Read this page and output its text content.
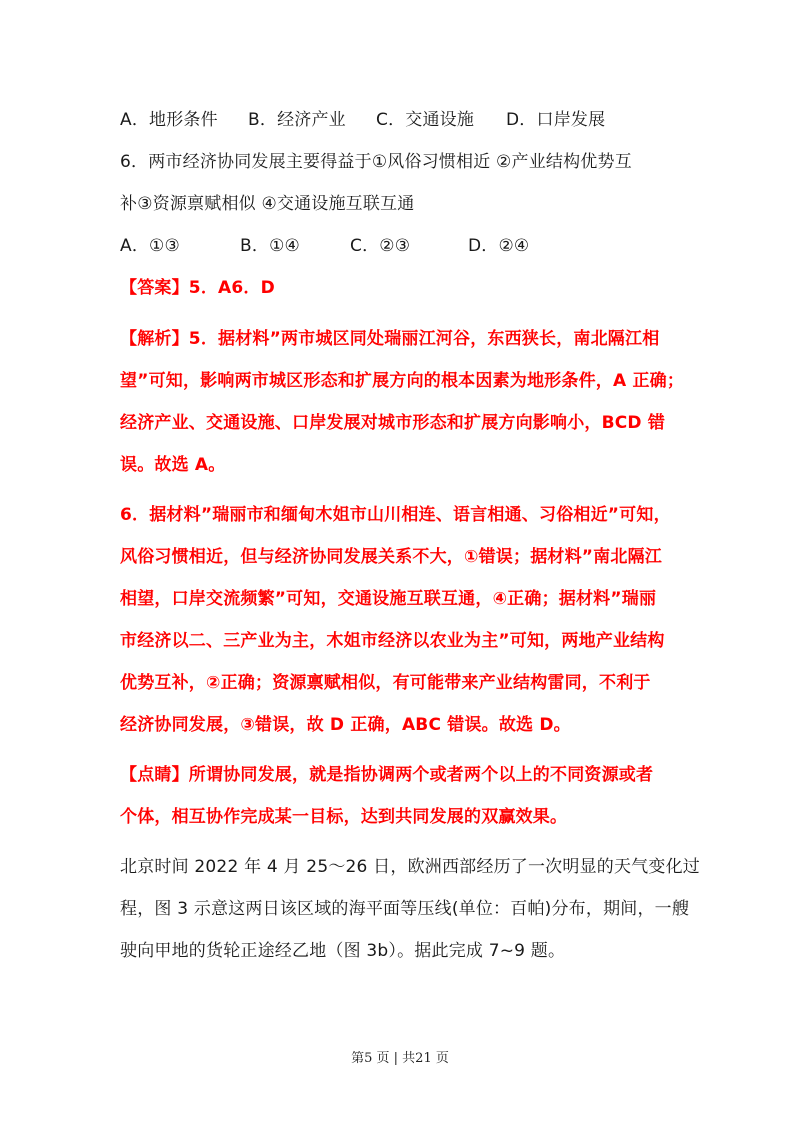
A．地形条件 B．经济产业 C．交通设施 D．口岸发展
6．两市经济协同发展主要得益于①风俗习惯相近 ②产业结构优势互
补③资源禀赋相似 ④交通设施互联互通
A．①③	B．①④	C．②③	D．②④
【答案】5．A6．D
【解析】5．据材料”两市城区同处瑞丽江河谷，东西狭长，南北隔江相
望”可知，影响两市城区形态和扩展方向的根本因素为地形条件，A 正确；
经济产业、交通设施、口岸发展对城市形态和扩展方向影响小，BCD 错
误。故选 A。
6．据材料”瑞丽市和缅甸木姐市山川相连、语言相通、习俗相近”可知，
风俗习惯相近，但与经济协同发展关系不大，①错误；据材料”南北隔江
相望，口岸交流频繁”可知，交通设施互联互通，④正确；据材料”瑞丽
市经济以二、三产业为主，木姐市经济以农业为主”可知，两地产业结构
优势互补，②正确；资源禀赋相似，有可能带来产业结构雷同，不利于
经济协同发展，③错误，故 D 正确，ABC 错误。故选 D。
【点睛】所谓协同发展，就是指协调两个或者两个以上的不同资源或者
个体，相互协作完成某一目标，达到共同发展的双赢效果。
北京时间 2022 年 4 月 25～26 日，欧洲西部经历了一次明显的天气变化过
程，图 3 示意这两日该区域的海平面等压线(单位：百帕)分布，期间，一艘
驶向甲地的货轮正途经乙地（图 3b）。据此完成 7~9 题。
第5 页 | 共21 页
